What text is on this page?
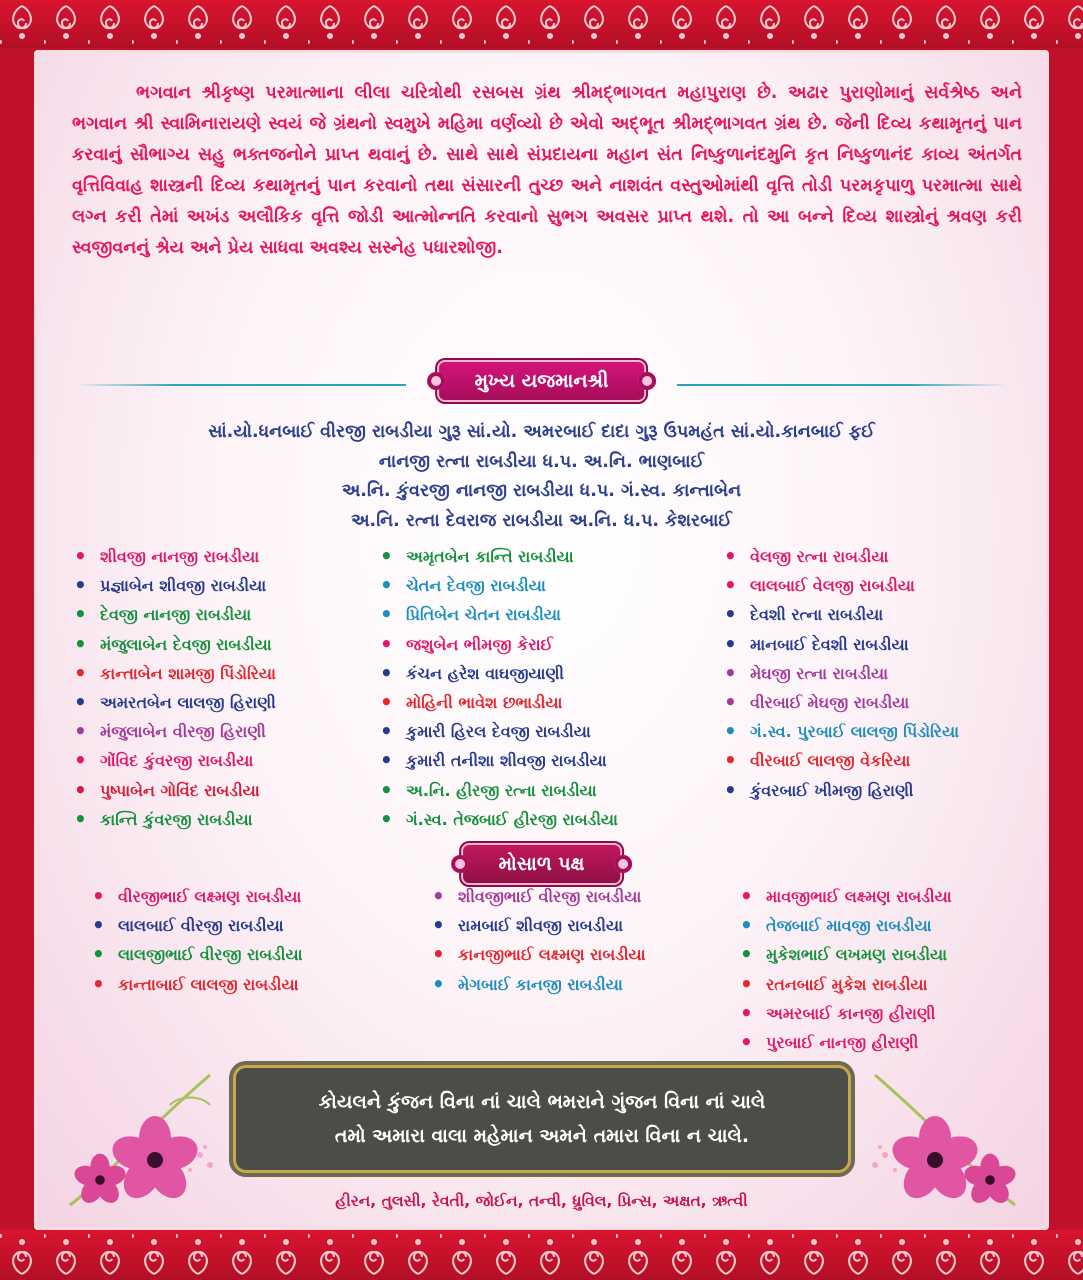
ભગવાન શ્રીકૃષ્ણ પરમાત્માના લીલા ચરિત્રોથી રસબસ ગ્રંથ શ્રીમદ્ભાગવત મહાપુરાણ છે. અઢાર પુરાણોમાનું સર્વશ્રેષ્ઠ અને ભગવાન શ્રી સ્વામિનારાયણે સ્વયં જે ગ્રંથનો સ્વમુખે મહિમા વર્ણવ્યો છે એવો અદ્ભૂત શ્રીમદ્ભાગવત ગ્રંથ છે. જેની દિવ્ય કથામૃતનું પાન કરવાનું સૌભાગ્ય સહુ ભક્તજનોને પ્રાપ્ત થવાનું છે. સાથે સાથે સંપ્રદાયના મહાન સંત નિષ્કુળાનંદમુનિ કૃત નિષ્કુળાનંદ કાવ્ય અંતર્ગત વૃત્તિવિવાહ શાસ્ત્રની દિવ્ય કથામૃતનું પાન કરવાનો તથા સંસારની તુચ્છ અને નાશવંત વસ્તુઓમાંથી વૃત્તિ તોડી પરમકૃપાળુ પરમાત્મા સાથે લગ્ન કરી તેમાં અખંડ અલૌકિક વૃત્તિ જોડી આત્મોન્નતિ કરવાનો સુભગ અવસર પ્રાપ્ત થશે. તો આ બન્ને દિવ્ય શાસ્ત્રોનું શ્રવણ કરી સ્વજીવનનું શ્રેય અને પ્રેય સાધવા અવશ્ય સસ્નેહ પધારશોજી.

મુખ્ય યજમાનશ્રી
સાં.યો.ધનબાઈ વીરજી રાબડીયા ગુરૂ સાં.યો. અમરબાઈ દાદા ગુરૂ ઉપમહંત સાં.યો.કાનબાઈ ફઈ
નાનજી રત્ના રાબડીયા ધ.પ. અ.નિ. ભાણબાઈ
અ.નિ. કુંવરજી નાનજી રાબડીયા ધ.પ. ગં.સ્વ. કાન્તાબેન
અ.નિ. રત્ના દેવરાજ રાબડીયા અ.નિ. ધ.પ. કેશરબાઈ
• શીવજી નાનજી રાબડીયા
• પ્રજ્ઞાબેન શીવજી રાબડીયા
• દેવજી નાનજી રાબડીયા
• મંજુલાબેન દેવજી રાબડીયા
• કાન્તાબેન શામજી પિંડોરિયા
• અમરતબેન લાલજી હિરાણી
• મંજુલાબેન વીરજી હિરાણી
• ગોંવિદ કુંવરજી રાબડીયા
• પુષ્પાબેન ગોવિંદ રાબડીયા
• કાન્તિ કુંવરજી રાબડીયા
• અમૃતબેન કાન્તિ રાબડીયા
• ચેતન દેવજી રાબડીયા
• પ્રિતિબેન ચેતન રાબડીયા
• જશુબેન ભીમજી કેરાઈ
• કંચન હરેશ વાઘજીયાણી
• મોહિની ભાવેશ છભાડીયા
• કુમારી હિરલ દેવજી રાબડીયા
• કુમારી તનીશા શીવજી રાબડીયા
• અ.નિ. હીરજી રત્ના રાબડીયા
• ગં.સ્વ. તેજબાઈ હીરજી રાબડીયા
• વેલજી રત્ના રાબડીયા
• લાલબાઈ વેલજી રાબડીયા
• દેવશી રત્ના રાબડીયા
• માનબાઈ દેવશી રાબડીયા
• મેઘજી રત્ના રાબડીયા
• વીરબાઈ મેઘજી રાબડીયા
• ગં.સ્વ. પુરબાઈ લાલજી પિંડોરિયા
• વીરબાઈ લાલજી વેકરિયા
• કુંવરબાઈ ખીમજી હિરાણી
મોસાળ પક્ષ
• વીરજીભાઈ લક્ષ્મણ રાબડીયા
• લાલબાઈ વીરજી રાબડીયા
• લાલજીભાઈ વીરજી રાબડીયા
• કાન્તાબાઈ લાલજી રાબડીયા
• શીવજીભાઈ વીરજી રાબડીયા
• રામબાઈ શીવજી રાબડીયા
• કાનજીભાઈ લક્ષ્મણ રાબડીયા
• મેગબાઈ કાનજી રાબડીયા
• માવજીભાઈ લક્ષ્મણ રાબડીયા
• તેજબાઈ માવજી રાબડીયા
• મુકેશભાઈ લખમણ રાબડીયા
• રતનબાઈ મુકેશ રાબડીયા
• અમરબાઈ કાનજી હીરાણી
• પુરબાઈ નાનજી હીરાણી
કોયલને કુંજન વિના નાં ચાલે ભમરાને ગુંજન વિના નાં ચાલે
તમો અમારા વાલા મહેમાન અમને તમારા વિના ન ચાલે.
હીરન, તુલસી, રેવતી, જોઈન, તન્વી, ધ્રુવિલ, પ્રિન્સ, અક્ષત, ઋત્વી
